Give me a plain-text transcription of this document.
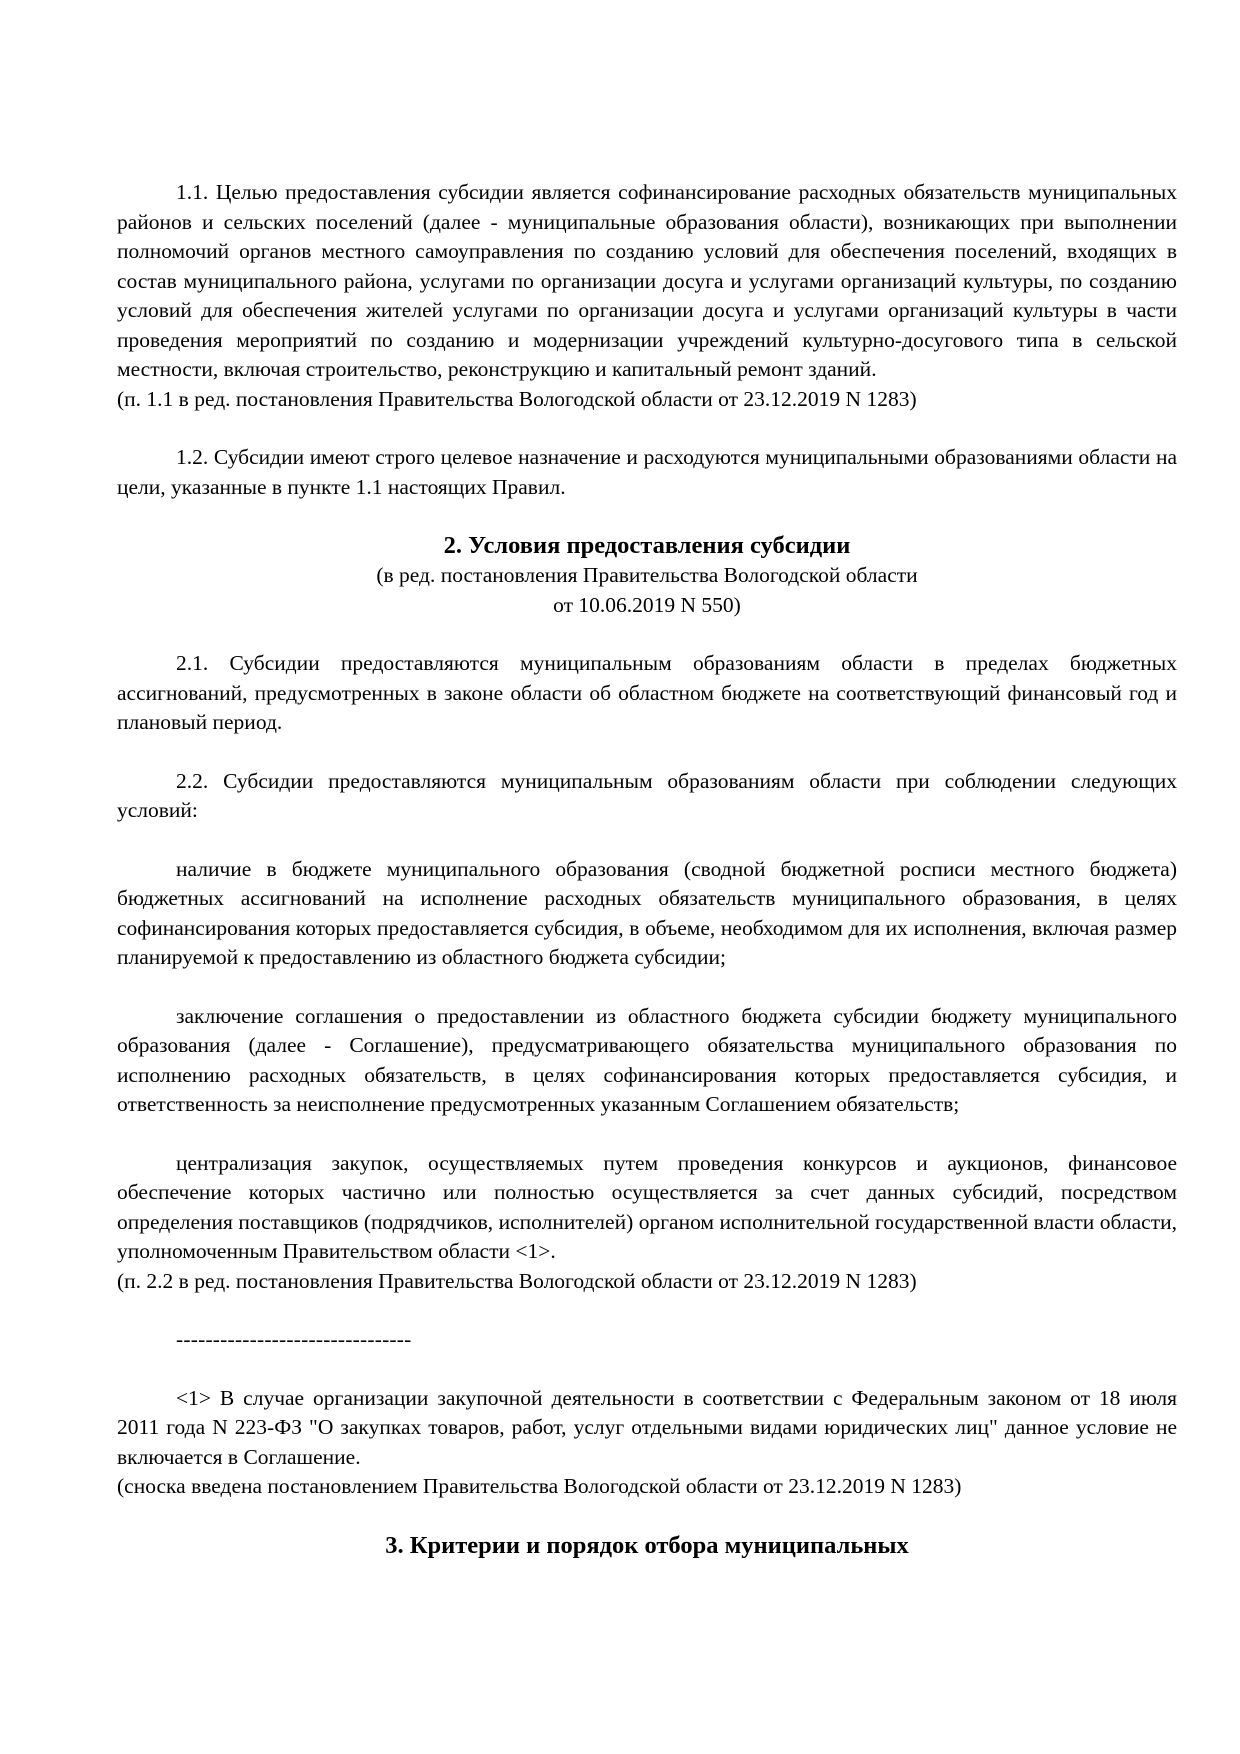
1.1. Целью предоставления субсидии является софинансирование расходных обязательств муниципальных районов и сельских поселений (далее - муниципальные образования области), возникающих при выполнении полномочий органов местного самоуправления по созданию условий для обеспечения поселений, входящих в состав муниципального района, услугами по организации досуга и услугами организаций культуры, по созданию условий для обеспечения жителей услугами по организации досуга и услугами организаций культуры в части проведения мероприятий по созданию и модернизации учреждений культурно-досугового типа в сельской местности, включая строительство, реконструкцию и капитальный ремонт зданий.

(п. 1.1 в ред. постановления Правительства Вологодской области от 23.12.2019 N 1283)

1.2. Субсидии имеют строго целевое назначение и расходуются муниципальными образованиями области на цели, указанные в пункте 1.1 настоящих Правил.

2. Условия предоставления субсидии

(в ред. постановления Правительства Вологодской области

от 10.06.2019 N 550)

2.1. Субсидии предоставляются муниципальным образованиям области в пределах бюджетных ассигнований, предусмотренных в законе области об областном бюджете на соответствующий финансовый год и плановый период.

2.2. Субсидии предоставляются муниципальным образованиям области при соблюдении следующих условий:

наличие в бюджете муниципального образования (сводной бюджетной росписи местного бюджета) бюджетных ассигнований на исполнение расходных обязательств муниципального образования, в целях софинансирования которых предоставляется субсидия, в объеме, необходимом для их исполнения, включая размер планируемой к предоставлению из областного бюджета субсидии;

заключение соглашения о предоставлении из областного бюджета субсидии бюджету муниципального образования (далее - Соглашение), предусматривающего обязательства муниципального образования по исполнению расходных обязательств, в целях софинансирования которых предоставляется субсидия, и ответственность за неисполнение предусмотренных указанным Соглашением обязательств;

централизация закупок, осуществляемых путем проведения конкурсов и аукционов, финансовое обеспечение которых частично или полностью осуществляется за счет данных субсидий, посредством определения поставщиков (подрядчиков, исполнителей) органом исполнительной государственной власти области, уполномоченным Правительством области <1>.

(п. 2.2 в ред. постановления Правительства Вологодской области от 23.12.2019 N 1283)

--------------------------------

<1> В случае организации закупочной деятельности в соответствии с Федеральным законом от 18 июля 2011 года N 223-ФЗ "О закупках товаров, работ, услуг отдельными видами юридических лиц" данное условие не включается в Соглашение.

(сноска введена постановлением Правительства Вологодской области от 23.12.2019 N 1283)

3. Критерии и порядок отбора муниципальных
